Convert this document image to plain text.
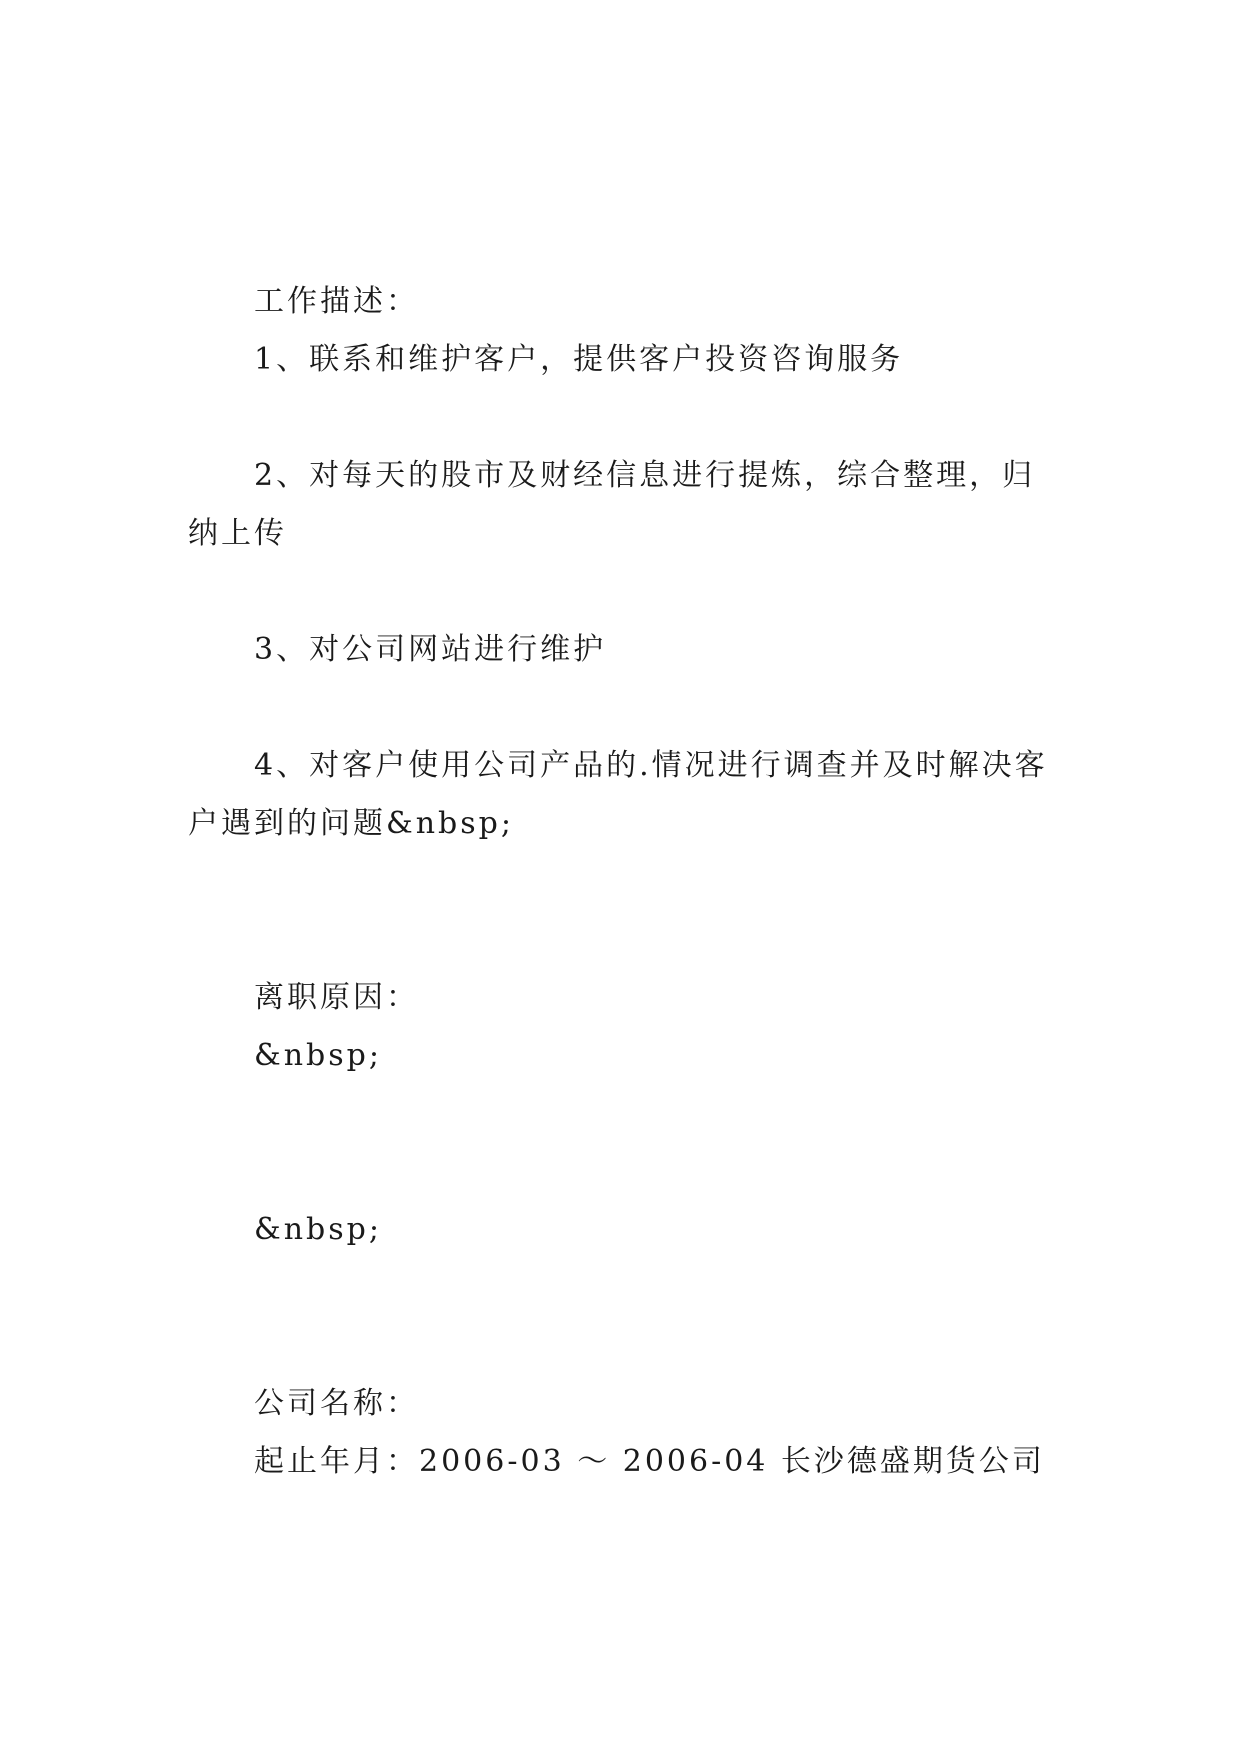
工作描述：
1、联系和维护客户，提供客户投资咨询服务
2、对每天的股市及财经信息进行提炼，综合整理，归
纳上传
3、对公司网站进行维护
4、对客户使用公司产品的.情况进行调查并及时解决客
户遇到的问题&nbsp;
离职原因：
&nbsp;
&nbsp;
公司名称：
起止年月：2006-03 ～ 2006-04 长沙德盛期货公司
